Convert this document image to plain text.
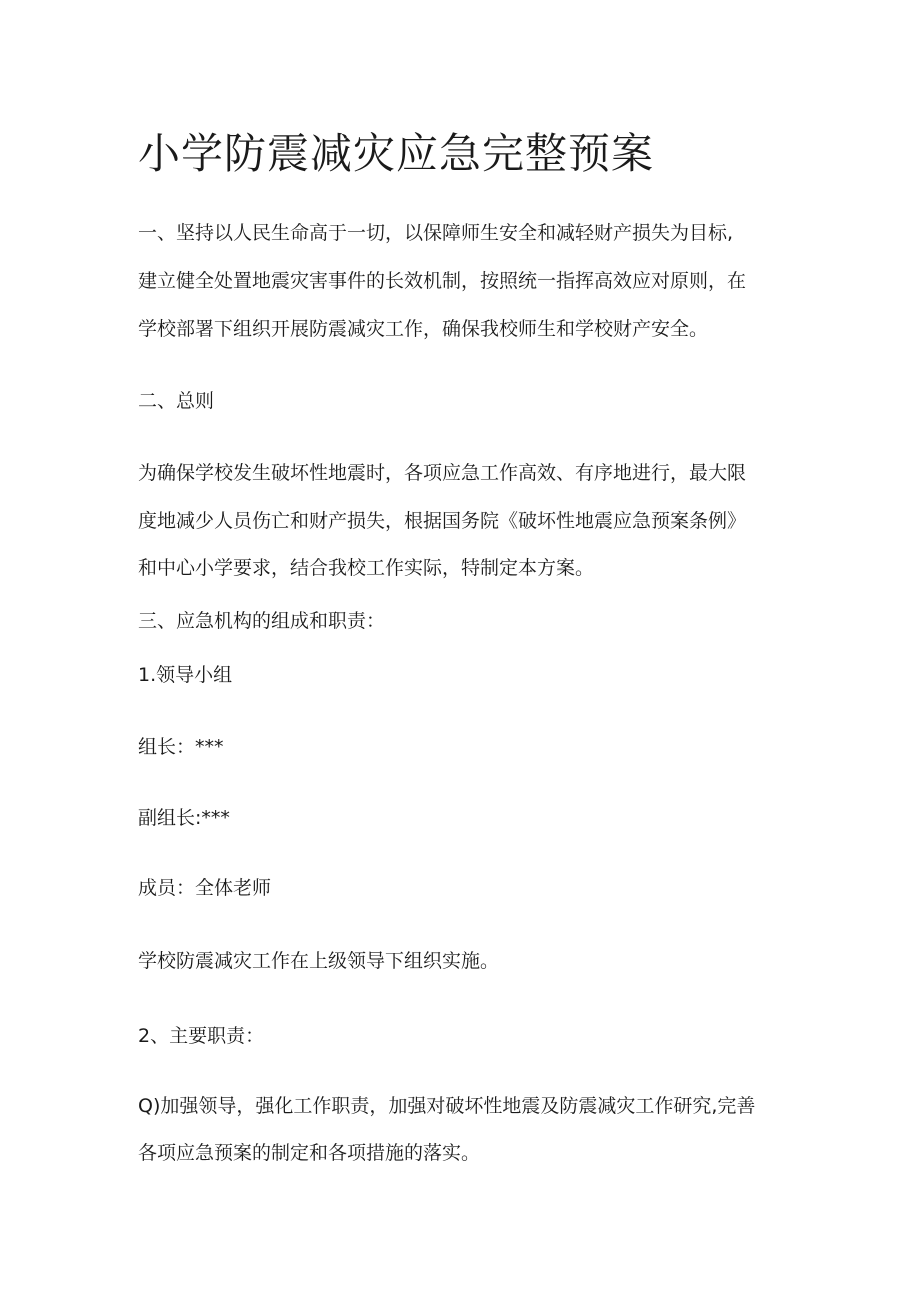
小学防震减灾应急完整预案

一、坚持以人民生命高于一切，以保障师生安全和减轻财产损失为目标,

建立健全处置地震灾害事件的长效机制，按照统一指挥高效应对原则，在

学校部署下组织开展防震减灾工作，确保我校师生和学校财产安全。

二、总则

为确保学校发生破坏性地震时，各项应急工作高效、有序地进行，最大限

度地减少人员伤亡和财产损失，根据国务院《破坏性地震应急预案条例》

和中心小学要求，结合我校工作实际，特制定本方案。

三、应急机构的组成和职责：

1.领导小组

组长：***

副组长:***

成员：全体老师

学校防震减灾工作在上级领导下组织实施。

2、主要职责：

Q)加强领导，强化工作职责，加强对破坏性地震及防震减灾工作研究,完善

各项应急预案的制定和各项措施的落实。
